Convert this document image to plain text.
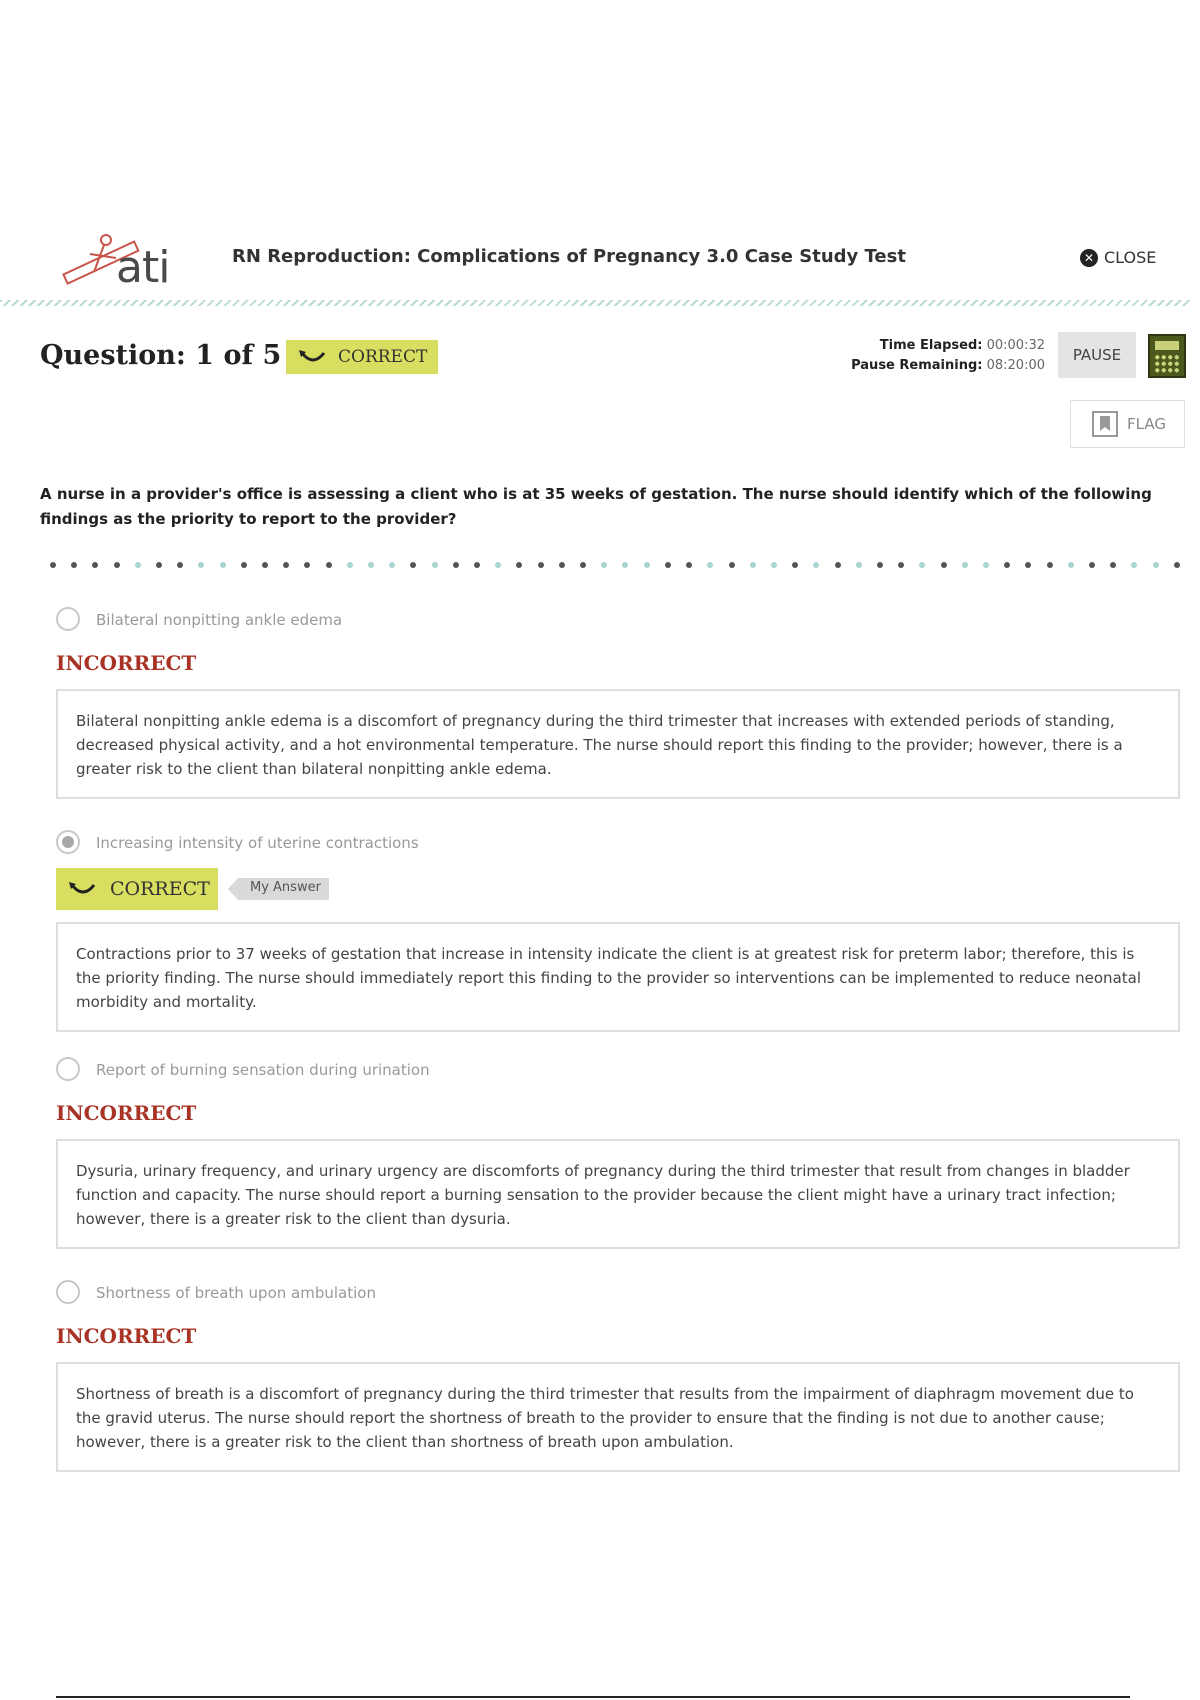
ati	RN Reproduction: Complications of Pregnancy 3.0 Case Study Test	✕ CLOSE
Question: 1 of 5	CORRECT
Time Elapsed: 00:00:32
Pause Remaining: 08:20:00
PAUSE
FLAG
A nurse in a provider's office is assessing a client who is at 35 weeks of gestation. The nurse should identify which of the following findings as the priority to report to the provider?
Bilateral nonpitting ankle edema
INCORRECT
Bilateral nonpitting ankle edema is a discomfort of pregnancy during the third trimester that increases with extended periods of standing, decreased physical activity, and a hot environmental temperature. The nurse should report this finding to the provider; however, there is a greater risk to the client than bilateral nonpitting ankle edema.
Increasing intensity of uterine contractions
CORRECT	My Answer
Contractions prior to 37 weeks of gestation that increase in intensity indicate the client is at greatest risk for preterm labor; therefore, this is the priority finding. The nurse should immediately report this finding to the provider so interventions can be implemented to reduce neonatal morbidity and mortality.
Report of burning sensation during urination
INCORRECT
Dysuria, urinary frequency, and urinary urgency are discomforts of pregnancy during the third trimester that result from changes in bladder function and capacity. The nurse should report a burning sensation to the provider because the client might have a urinary tract infection; however, there is a greater risk to the client than dysuria.
Shortness of breath upon ambulation
INCORRECT
Shortness of breath is a discomfort of pregnancy during the third trimester that results from the impairment of diaphragm movement due to the gravid uterus. The nurse should report the shortness of breath to the provider to ensure that the finding is not due to another cause; however, there is a greater risk to the client than shortness of breath upon ambulation.
